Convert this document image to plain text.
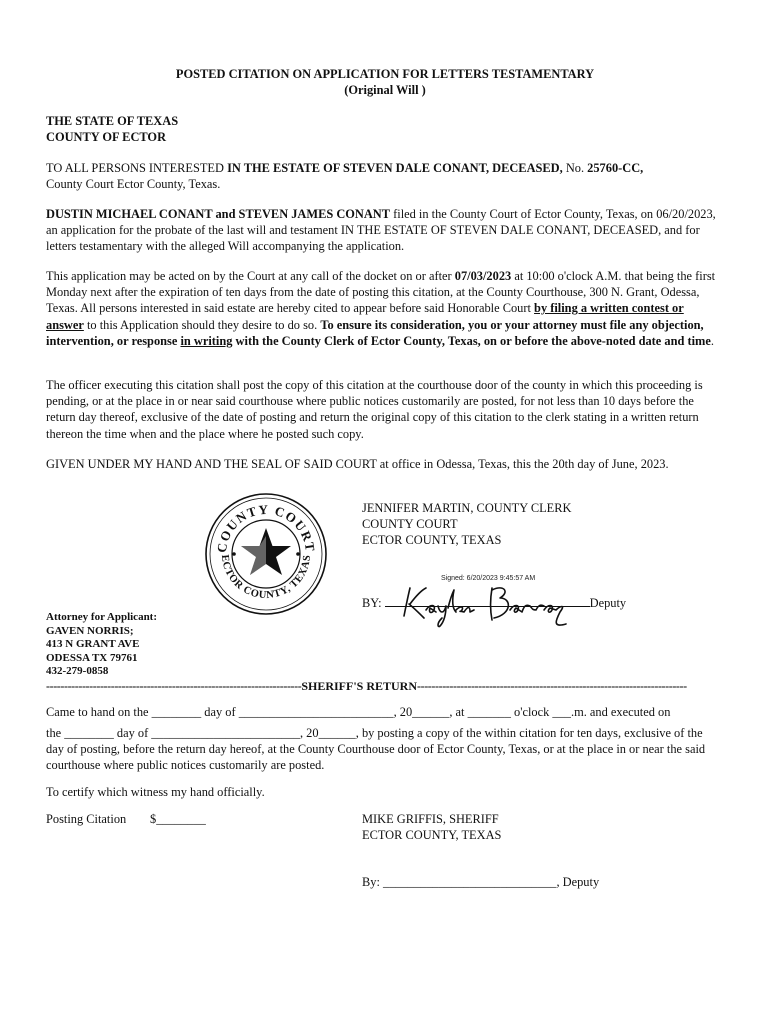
POSTED CITATION ON APPLICATION FOR LETTERS TESTAMENTARY
(Original Will )
THE STATE OF TEXAS
COUNTY OF ECTOR

TO ALL PERSONS INTERESTED IN THE ESTATE OF STEVEN DALE CONANT, DECEASED, No. 25760-CC,
County Court Ector County, Texas.

DUSTIN MICHAEL CONANT and STEVEN JAMES CONANT filed in the County Court of Ector County, Texas, on 06/20/2023, an application for the probate of the last will and testament IN THE ESTATE OF STEVEN DALE CONANT, DECEASED, and for letters testamentary with the alleged Will accompanying the application.

This application may be acted on by the Court at any call of the docket on or after 07/03/2023 at 10:00 o'clock A.M. that being the first Monday next after the expiration of ten days from the date of posting this citation, at the County Courthouse, 300 N. Grant, Odessa, Texas. All persons interested in said estate are hereby cited to appear before said Honorable Court by filing a written contest or answer to this Application should they desire to do so. To ensure its consideration, you or your attorney must file any objection, intervention, or response in writing with the County Clerk of Ector County, Texas, on or before the above-noted date and time.

The officer executing this citation shall post the copy of this citation at the courthouse door of the county in which this proceeding is pending, or at the place in or near said courthouse where public notices customarily are posted, for not less than 10 days before the return day thereof, exclusive of the date of posting and return the original copy of this citation to the clerk stating in a written return thereon the time when and the place where he posted such copy.

GIVEN UNDER MY HAND AND THE SEAL OF SAID COURT at office in Odessa, Texas, this the 20th day of June, 2023.

COUNTY COURT
ECTOR COUNTY, TEXAS
JENNIFER MARTIN, COUNTY CLERK
COUNTY COURT
ECTOR COUNTY, TEXAS
Signed: 6/20/2023 9:45:57 AM
BY:	Deputy
Attorney for Applicant:
GAVEN NORRIS;
413 N GRANT AVE
ODESSA TX 79761
432-279-0858
-----------------------------------------------------------------------SHERIFF'S RETURN---------------------------------------------------------------------------

Came to hand on the ________ day of _________________________, 20______, at _______ o'clock ___.m. and executed on

the ________ day of ________________________, 20______, by posting a copy of the within citation for ten days, exclusive of the day of posting, before the return day hereof, at the County Courthouse door of Ector County, Texas, or at the place in or near the said courthouse where public notices customarily are posted.

To certify which witness my hand officially.

Posting Citation $________	MIKE GRIFFIS, SHERIFF
ECTOR COUNTY, TEXAS
By: ____________________________, Deputy
